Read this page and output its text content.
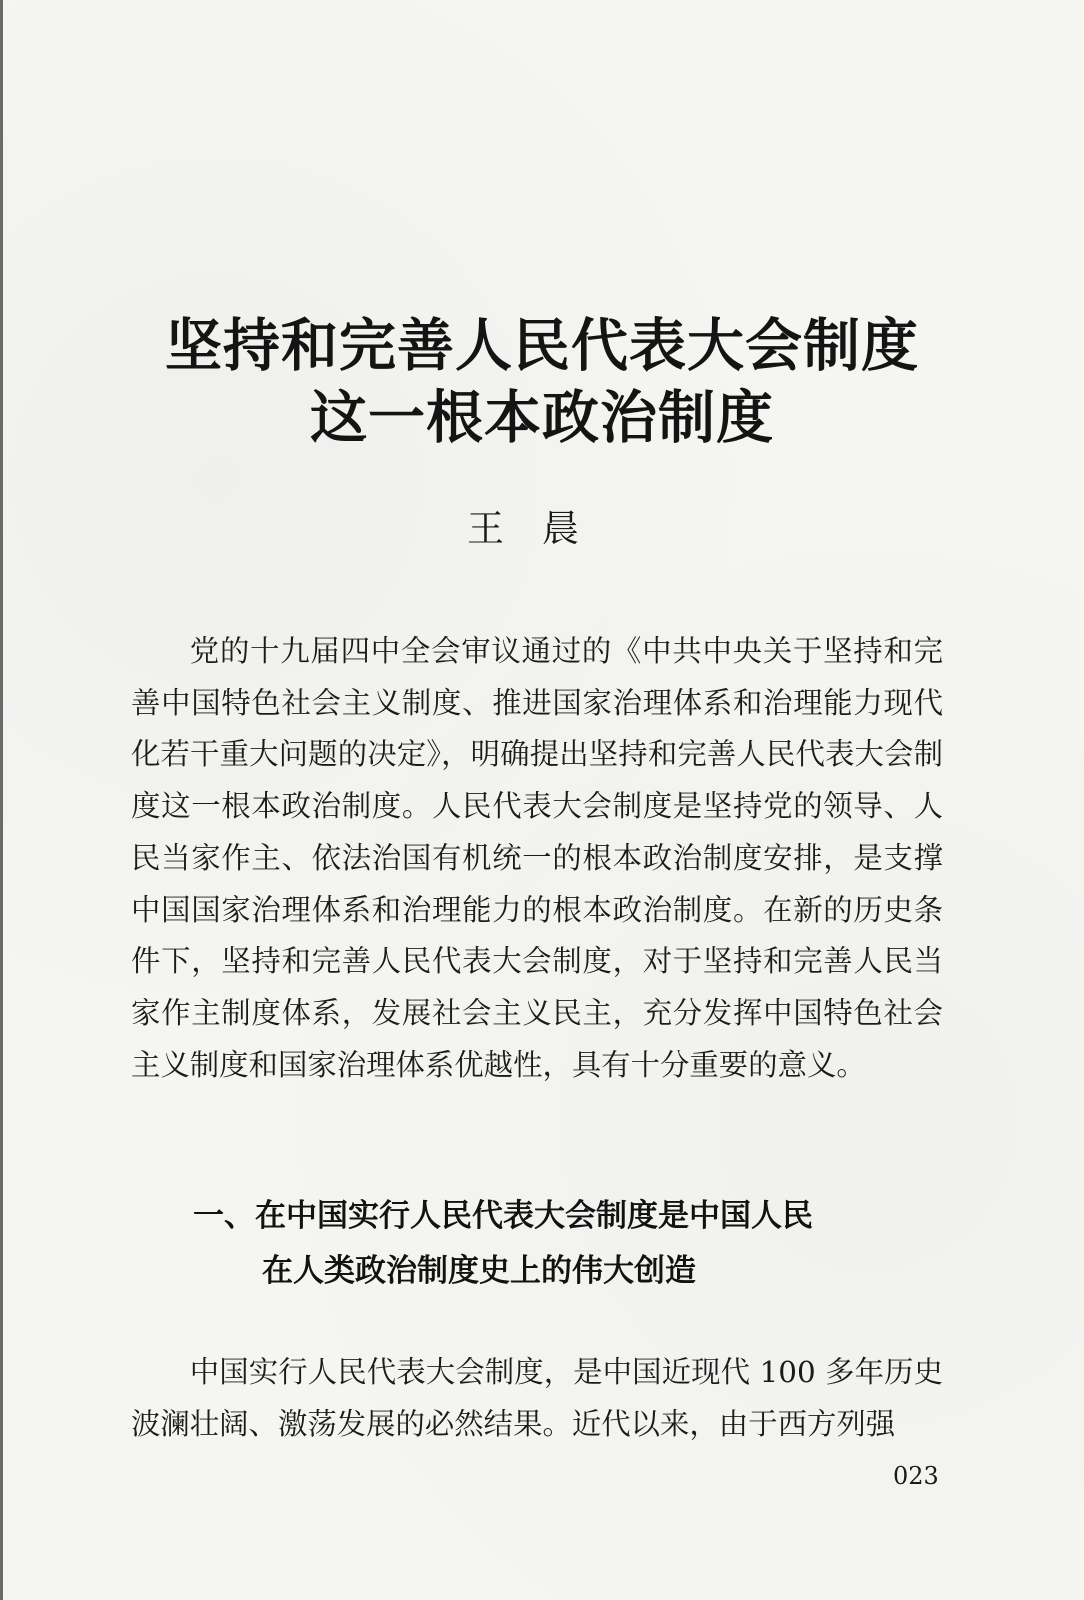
坚持和完善人民代表大会制度
这一根本政治制度
王晨

党的十九届四中全会审议通过的《中共中央关于坚持和完善中国特色社会主义制度、推进国家治理体系和治理能力现代化若干重大问题的决定》，明确提出坚持和完善人民代表大会制度这一根本政治制度。人民代表大会制度是坚持党的领导、人民当家作主、依法治国有机统一的根本政治制度安排，是支撑中国国家治理体系和治理能力的根本政治制度。在新的历史条件下，坚持和完善人民代表大会制度，对于坚持和完善人民当家作主制度体系，发展社会主义民主，充分发挥中国特色社会主义制度和国家治理体系优越性，具有十分重要的意义。

一、在中国实行人民代表大会制度是中国人民
在人类政治制度史上的伟大创造

中国实行人民代表大会制度，是中国近现代 100 多年历史波澜壮阔、激荡发展的必然结果。近代以来，由于西方列强

023
